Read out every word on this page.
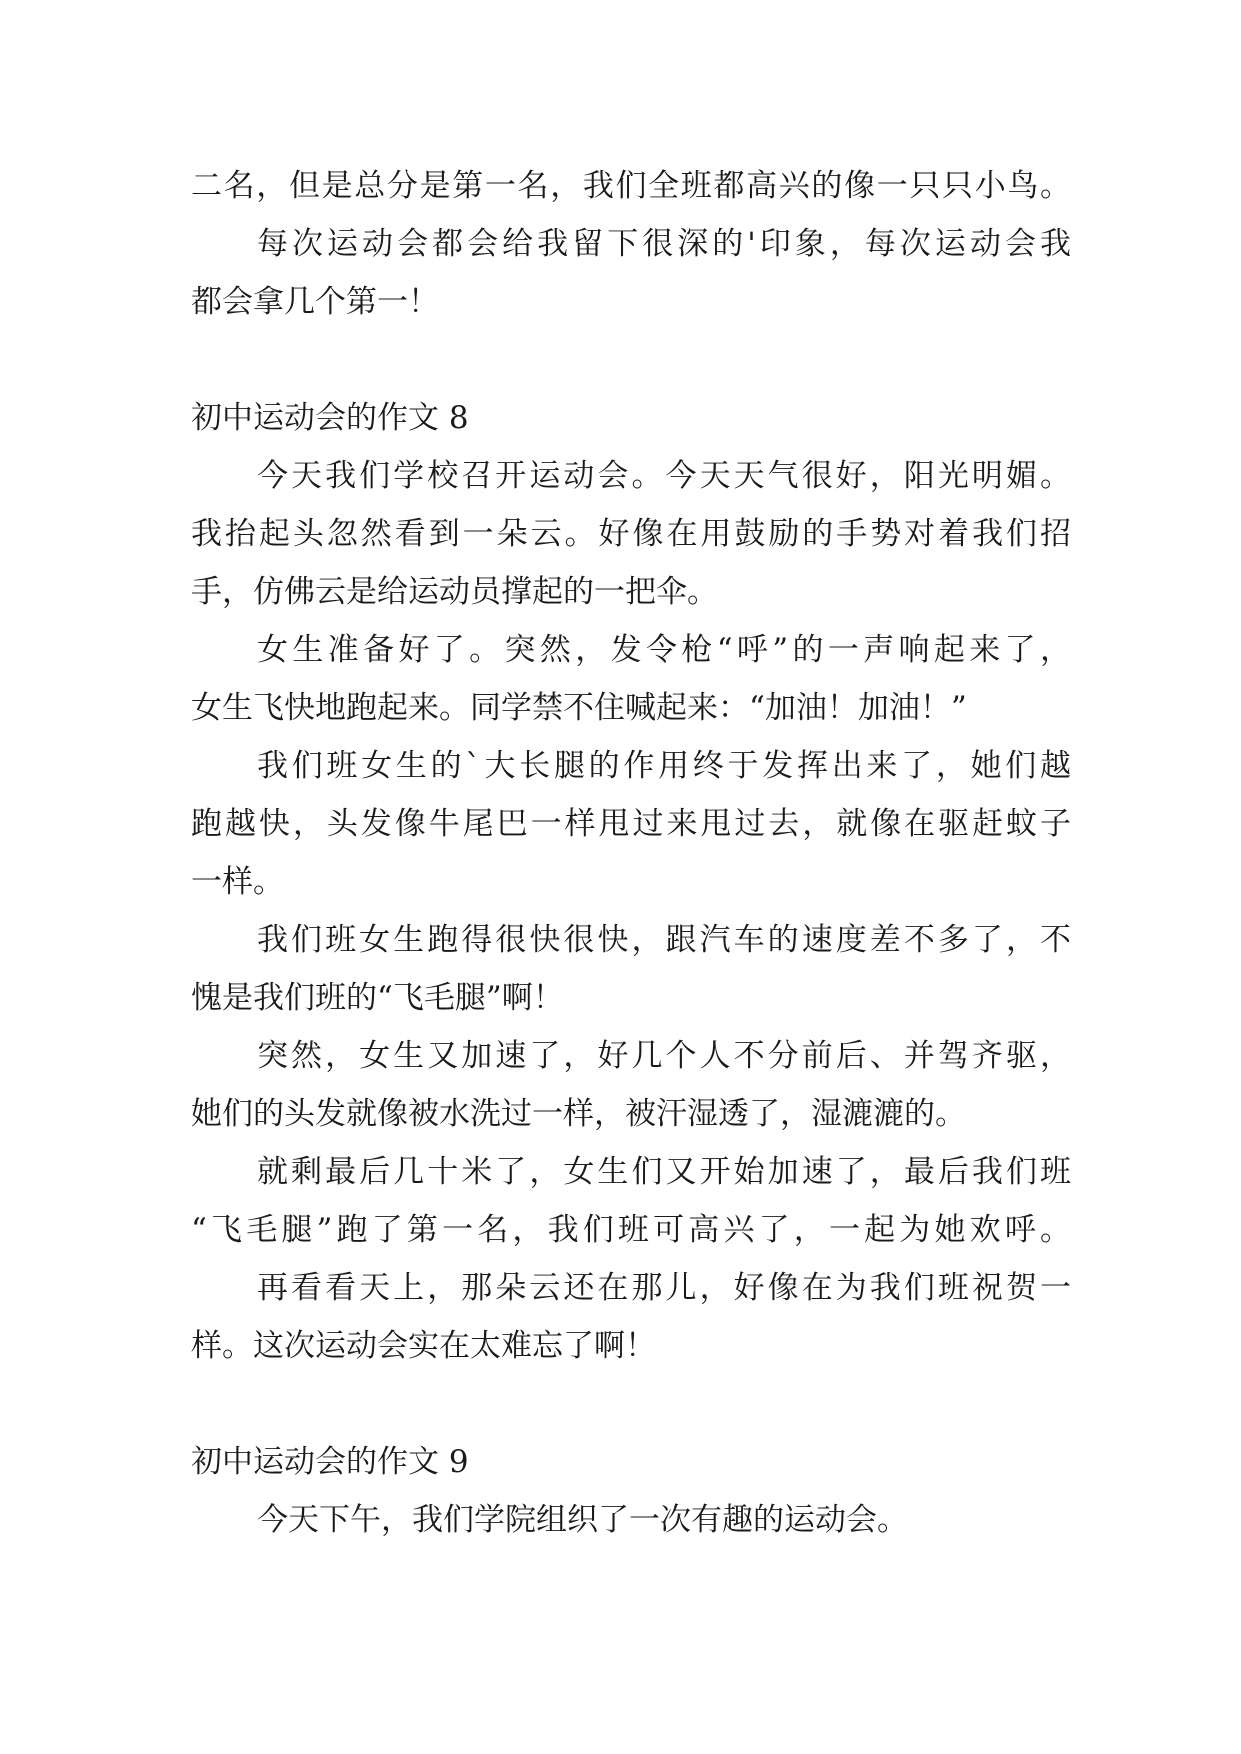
二名，但是总分是第一名，我们全班都高兴的像一只只小鸟。
每次运动会都会给我留下很深的'印象，每次运动会我
都会拿几个第一！
初中运动会的作文 8
今天我们学校召开运动会。今天天气很好，阳光明媚。
我抬起头忽然看到一朵云。好像在用鼓励的手势对着我们招
手，仿佛云是给运动员撑起的一把伞。
女生准备好了。突然，发令枪“呼”的一声响起来了，
女生飞快地跑起来。同学禁不住喊起来：“加油！加油！”
我们班女生的`大长腿的作用终于发挥出来了，她们越
跑越快，头发像牛尾巴一样甩过来甩过去，就像在驱赶蚊子
一样。
我们班女生跑得很快很快，跟汽车的速度差不多了，不
愧是我们班的“飞毛腿”啊！
突然，女生又加速了，好几个人不分前后、并驾齐驱，
她们的头发就像被水洗过一样，被汗湿透了，湿漉漉的。
就剩最后几十米了，女生们又开始加速了，最后我们班
“飞毛腿”跑了第一名，我们班可高兴了，一起为她欢呼。
再看看天上，那朵云还在那儿，好像在为我们班祝贺一
样。这次运动会实在太难忘了啊！
初中运动会的作文 9
今天下午，我们学院组织了一次有趣的运动会。
